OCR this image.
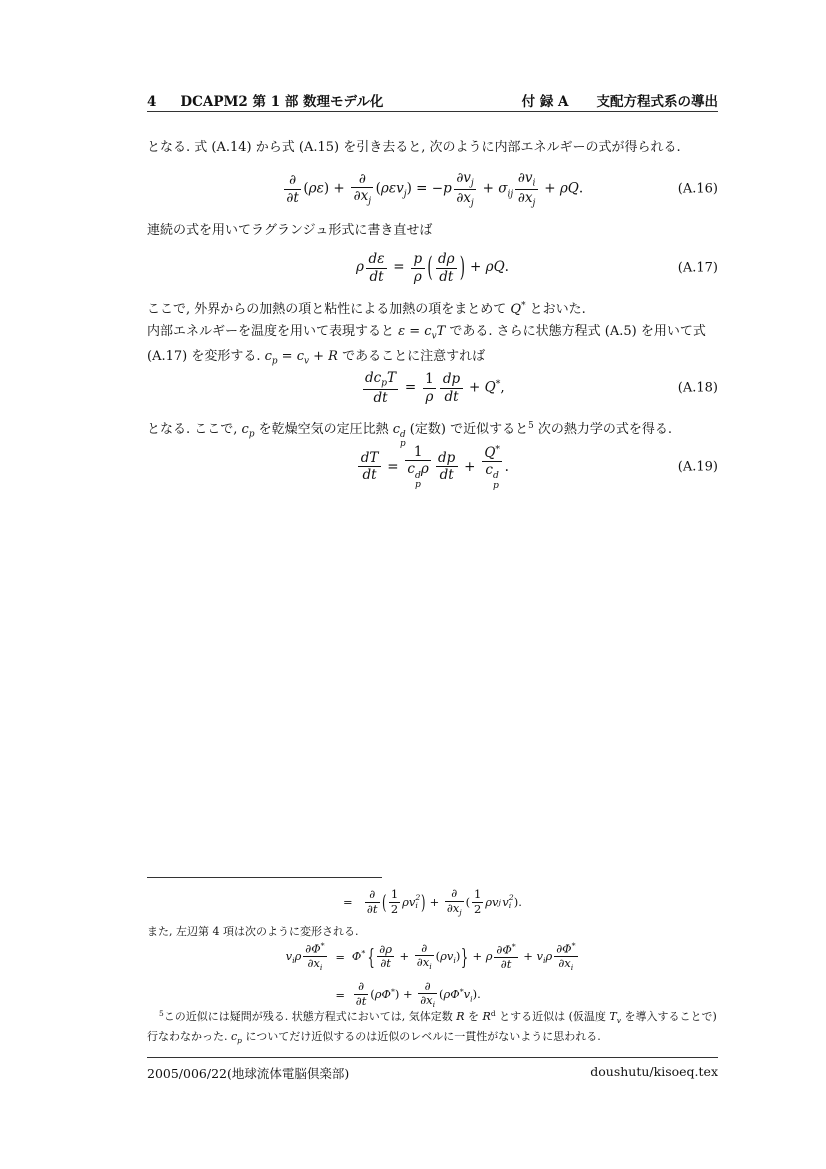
4 DCAPM2 第 1 部 数理モデル化	付 録 A 支配方程式系の導出
となる. 式 (A.14) から式 (A.15) を引き去ると, 次のように内部エネルギーの式が得られる.
$\frac{\partial}{\partial t} (\rho\varepsilon) + \frac{\partial}{\partial x_j} (\rho\varepsilon v_j) = -p \frac{\partial v_j}{\partial x_j} + \sigma_{ij} \frac{\partial v_i}{\partial x_j} + \rho Q$.	(A.16)
連続の式を用いてラグランジュ形式に書き直せば
ρ $\frac{d\varepsilon}{dt} = \frac{p}{\rho}$ ( $\frac{d\rho}{dt}$ ) + ρQ.	(A.17)
ここで, 外界からの加熱の項と粘性による加熱の項をまとめて Q* とおいた.
内部エネルギーを温度を用いて表現すると $\varepsilon = c_vT$ である. さらに状態方程式 (A.5) を用いて式
(A.17) を変形する. $c_p = c_v + R$ であることに注意すれば
$\frac{dc_pT}{dt} = \frac{1}{\rho} \frac{dp}{dt} + Q^*$,	(A.18)
となる. ここで, $c_p$ を乾燥空気の定圧比熱 c d
p
(定数) で近似すると$^5$ 次の熱力学の式を得る.
$\frac{dT}{dt} = 1$
c d
p
ρ $\frac{dp}{dt} + Q^*$
c d
p .	(A.19)
= $\frac{\partial}{\partial t}$ ( $\frac{1}{2}$ ρv 2
i ) + $\frac{\partial}{\partial x_j}$ ( $\frac{1}{2}$ ρv j v 2
i ).
また, 左辺第 4 項は次のように変形される.
$v_i\rho \frac{\partial\Phi^*}{\partial x_i} = \Phi^*$ { $\frac{\partial\rho}{\partial t} + \frac{\partial}{\partial x_i} (\rho v_i)\} + \rho \frac{\partial\Phi^*}{\partial t} + v_i\rho \frac{\partial\Phi^*}{\partial x_i}$
= $\frac{\partial}{\partial t} (\rho\Phi^*) + \frac{\partial}{\partial x_i} (\rho\Phi^*v_i)$.
$^5$この近似には疑問が残る. 状態方程式においては, 気体定数 R を $R^d$ とする近似は (仮温度 $T_v$ を導入することで) 行なわなかった. $c_p$ についてだけ近似するのは近似のレベルに一貫性がないように思われる.
2005/006/22(地球流体電脳倶楽部)	doushutu/kisoeq.tex
